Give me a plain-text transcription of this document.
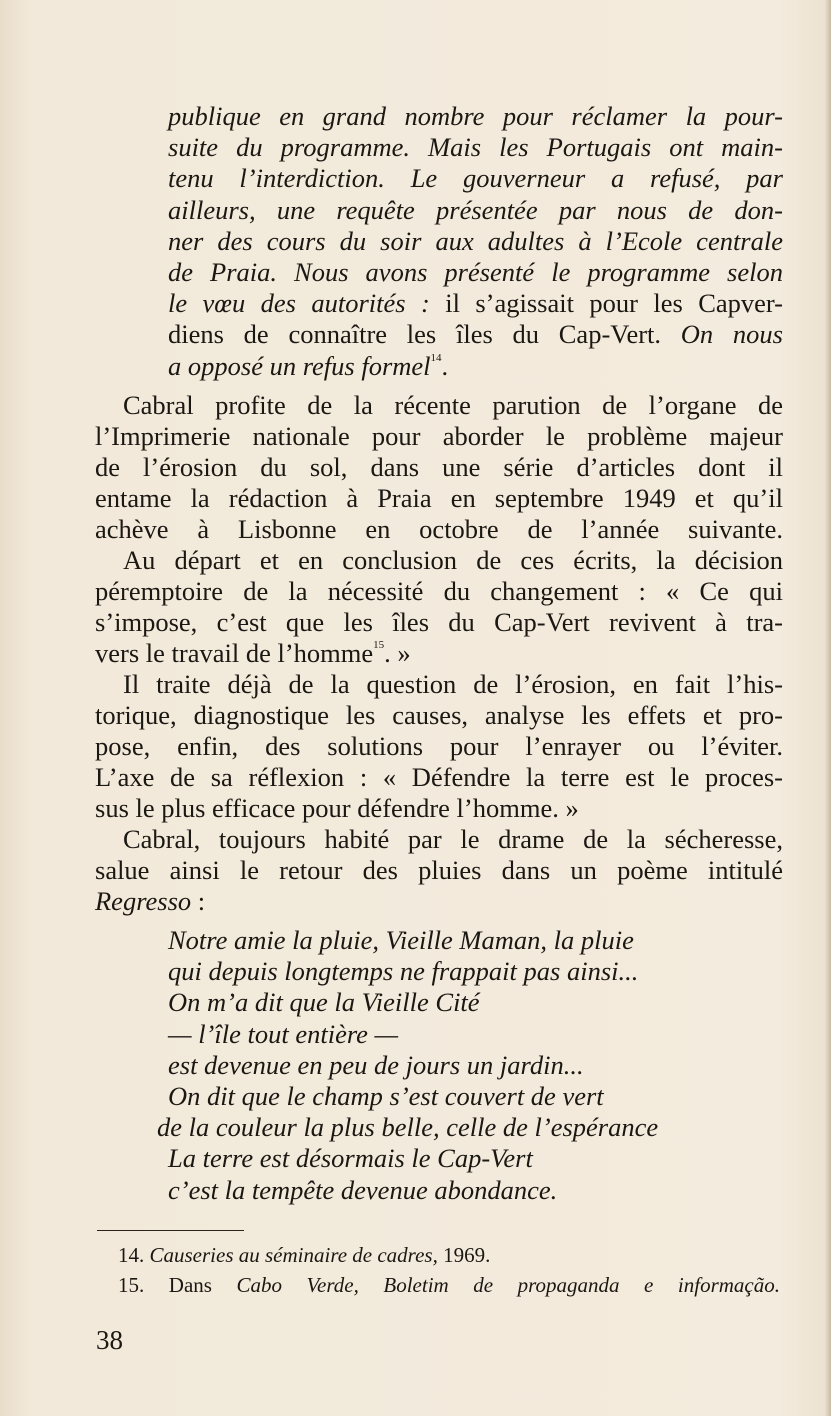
publique en grand nombre pour réclamer la pour-
suite du programme. Mais les Portugais ont main-
tenu l’interdiction. Le gouverneur a refusé, par
ailleurs, une requête présentée par nous de don-
ner des cours du soir aux adultes à l’Ecole centrale
de Praia. Nous avons présenté le programme selon
le vœu des autorités : il s’agissait pour les Capver-
diens de connaître les îles du Cap-Vert. On nous
a opposé un refus formel$^{14}$.
Cabral profite de la récente parution de l’organe de
l’Imprimerie nationale pour aborder le problème majeur
de l’érosion du sol, dans une série d’articles dont il
entame la rédaction à Praia en septembre 1949 et qu’il
achève à Lisbonne en octobre de l’année suivante.
Au départ et en conclusion de ces écrits, la décision
péremptoire de la nécessité du changement : « Ce qui
s’impose, c’est que les îles du Cap-Vert revivent à tra-
vers le travail de l’homme$^{15}$. »
Il traite déjà de la question de l’érosion, en fait l’his-
torique, diagnostique les causes, analyse les effets et pro-
pose, enfin, des solutions pour l’enrayer ou l’éviter.
L’axe de sa réflexion : « Défendre la terre est le proces-
sus le plus efficace pour défendre l’homme. »
Cabral, toujours habité par le drame de la sécheresse,
salue ainsi le retour des pluies dans un poème intitulé
Regresso :
Notre amie la pluie, Vieille Maman, la pluie
qui depuis longtemps ne frappait pas ainsi...
On m’a dit que la Vieille Cité
— l’île tout entière —
est devenue en peu de jours un jardin...
On dit que le champ s’est couvert de vert
de la couleur la plus belle, celle de l’espérance
La terre est désormais le Cap-Vert
c’est la tempête devenue abondance.
14. Causeries au séminaire de cadres, 1969.
15. Dans Cabo Verde, Boletim de propaganda e informação.
38
